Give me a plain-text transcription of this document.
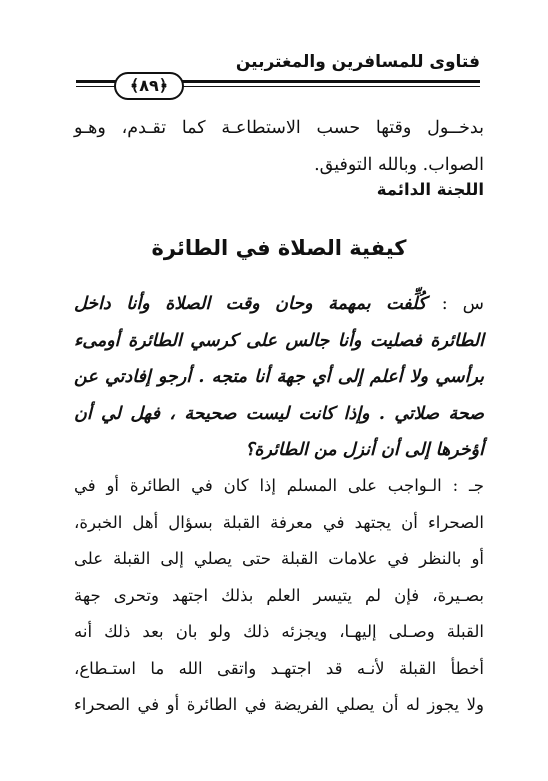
فتاوى للمسافرين والمغتربين
﴿٨٩﴾
بدخــول وقتها حسب الاستطاعـة كما تقـدم، وهـو
الصواب. وبالله التوفيق.
اللجنة الدائمة
كيفية الصلاة في الطائرة
س : كُلِّفت بمهمة وحان وقت الصلاة وأنا داخل
الطائرة فصليت وأنا جالس على كرسي الطائرة أومىء
برأسي ولا أعلم إلى أي جهة أنا متجه . أرجو إفادتي عن
صحة صلاتي . وإذا كانت ليست صحيحة ، فهل لي أن
أؤخرها إلى أن أنزل من الطائرة؟
جـ : الـواجب على المسلم إذا كان في الطائرة أو في
الصحراء أن يجتهد في معرفة القبلة بسؤال أهل الخبرة،
أو بالنظر في علامات القبلة حتى يصلي إلى القبلة على
بصـيرة، فإن لم يتيسر العلم بذلك اجتهد وتحرى جهة
القبلة وصـلى إليهـا، ويجزئه ذلك ولو بان بعد ذلك أنه
أخطأ القبلة لأنـه قد اجتهـد واتقى الله ما استـطاع،
ولا يجوز له أن يصلي الفريضة في الطائرة أو في الصحراء
